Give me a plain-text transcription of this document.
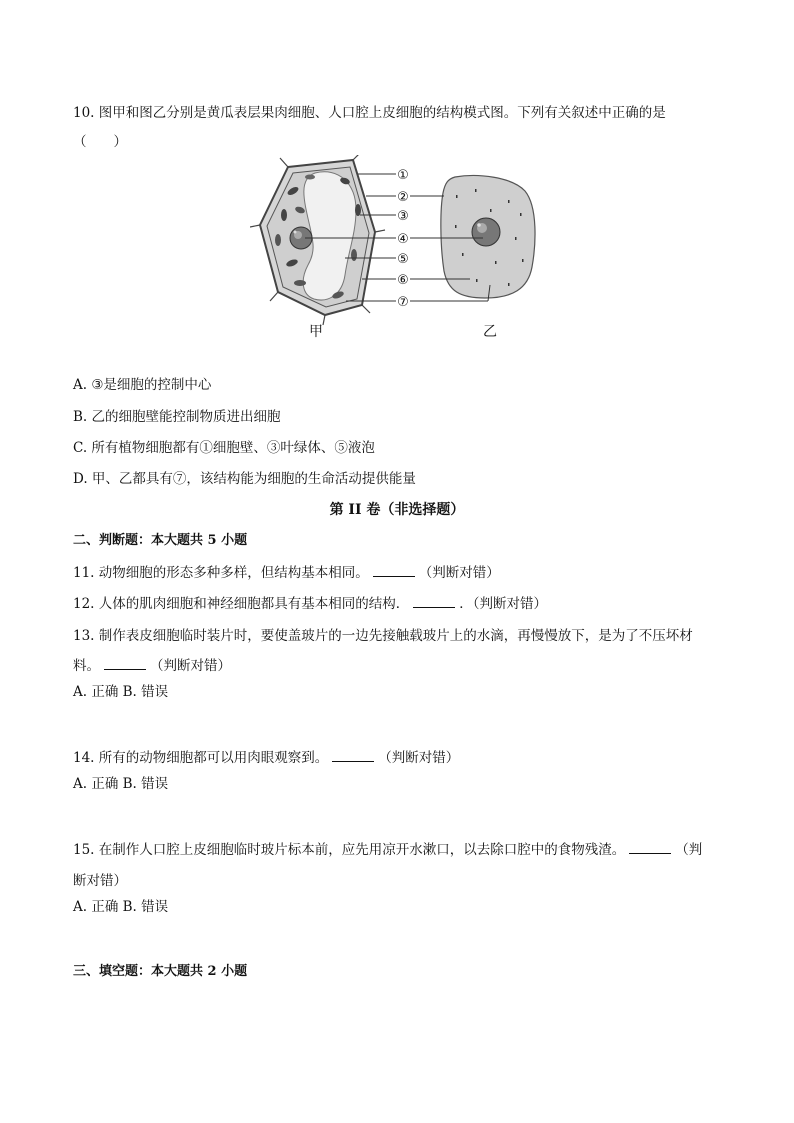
10. 图甲和图乙分别是黄瓜表层果肉细胞、人口腔上皮细胞的结构模式图。下列有关叙述中正确的是
（　　）
①
②
③
④
⑤
⑥
⑦
甲	乙
A. ③是细胞的控制中心
B. 乙的细胞壁能控制物质进出细胞
C. 所有植物细胞都有①细胞壁、③叶绿体、⑤液泡
D. 甲、乙都具有⑦，该结构能为细胞的生命活动提供能量
第 II 卷（非选择题）
二、判断题：本大题共 5 小题
11. 动物细胞的形态多种多样，但结构基本相同。	（判断对错）
12. 人体的肌肉细胞和神经细胞都具有基本相同的结构．	．（判断对错）
13. 制作表皮细胞临时装片时，要使盖玻片的一边先接触载玻片上的水滴，再慢慢放下，是为了不压坏材
料。	（判断对错）
A. 正确 B. 错误
14. 所有的动物细胞都可以用肉眼观察到。	（判断对错）
A. 正确 B. 错误
15. 在制作人口腔上皮细胞临时玻片标本前，应先用凉开水漱口，以去除口腔中的食物残渣。	（判
断对错）
A. 正确 B. 错误
三、填空题：本大题共 2 小题
